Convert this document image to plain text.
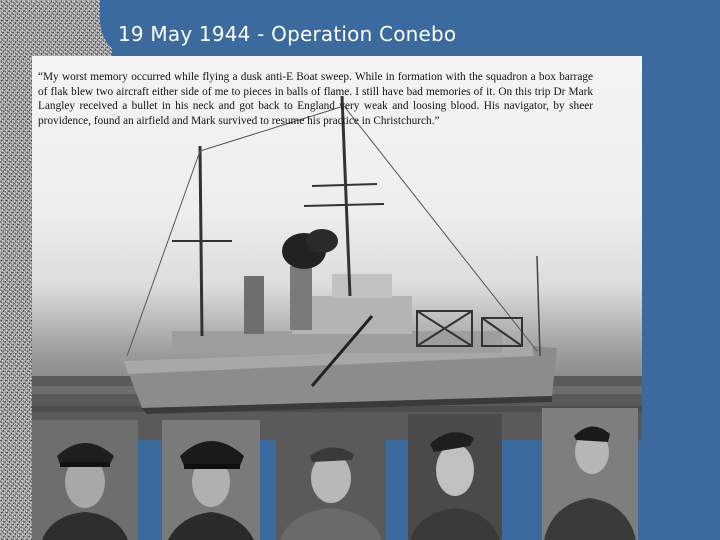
19 May 1944 - Operation Conebo
“My worst memory occurred while flying a dusk anti-E Boat sweep. While in formation with the squadron a box barrage of flak blew two aircraft either side of me to pieces in balls of flame. I still have bad memories of it. On this trip Dr Mark Langley received a bullet in his neck and got back to England very weak and loosing blood. His navigator, by sheer providence, found an airfield and Mark survived to resume his practice in Christchurch.”
